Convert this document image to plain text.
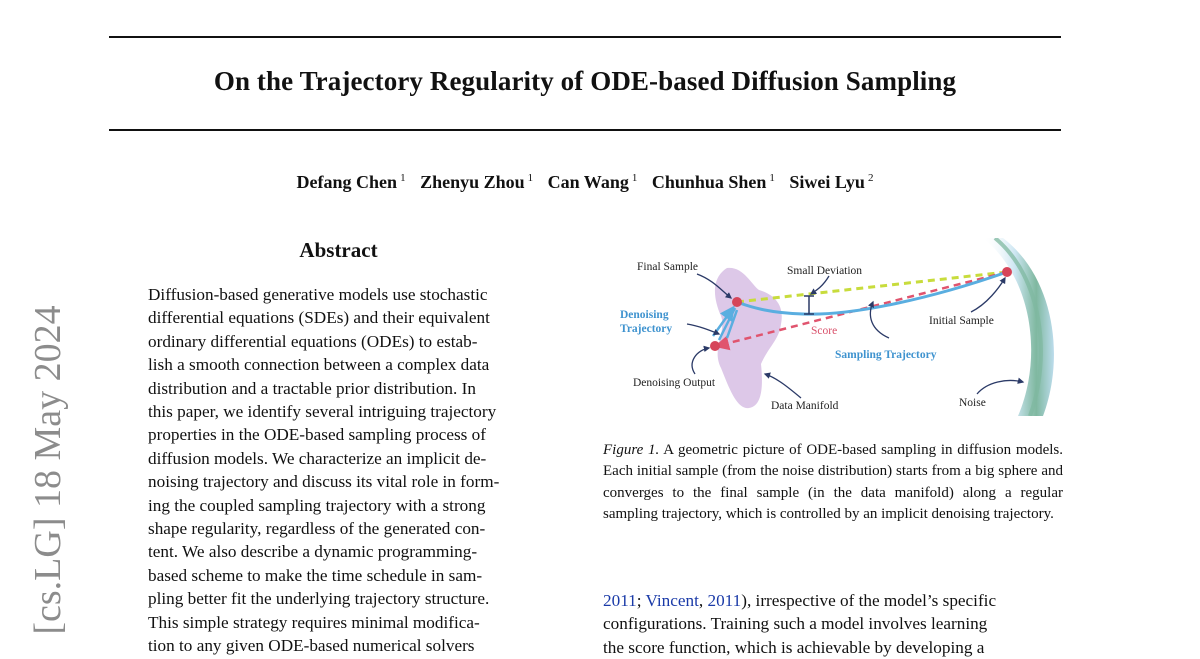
On the Trajectory Regularity of ODE-based Diffusion Sampling
Defang Chen $^1$ Zhenyu Zhou $^1$ Can Wang $^1$ Chunhua Shen $^1$ Siwei Lyu $^2$
[cs.LG] 18 May 2024
Abstract
Diffusion-based generative models use stochastic
differential equations (SDEs) and their equivalent
ordinary differential equations (ODEs) to estab-
lish a smooth connection between a complex data
distribution and a tractable prior distribution. In
this paper, we identify several intriguing trajectory
properties in the ODE-based sampling process of
diffusion models. We characterize an implicit de-
noising trajectory and discuss its vital role in form-
ing the coupled sampling trajectory with a strong
shape regularity, regardless of the generated con-
tent. We also describe a dynamic programming-
based scheme to make the time schedule in sam-
pling better fit the underlying trajectory structure.
This simple strategy requires minimal modifica-
tion to any given ODE-based numerical solvers
Final Sample	Small Deviation
Denoising
Trajectory	Score
Initial Sample
Sampling Trajectory
Denoising Output
Data Manifold	Noise
Figure 1. A geometric picture of ODE-based sampling in diffusion models. Each initial sample (from the noise distribution) starts from a big sphere and converges to the final sample (in the data manifold) along a regular sampling trajectory, which is controlled by an implicit denoising trajectory.
2011; Vincent, 2011), irrespective of the model’s specific
configurations. Training such a model involves learning
the score function, which is achievable by developing a
